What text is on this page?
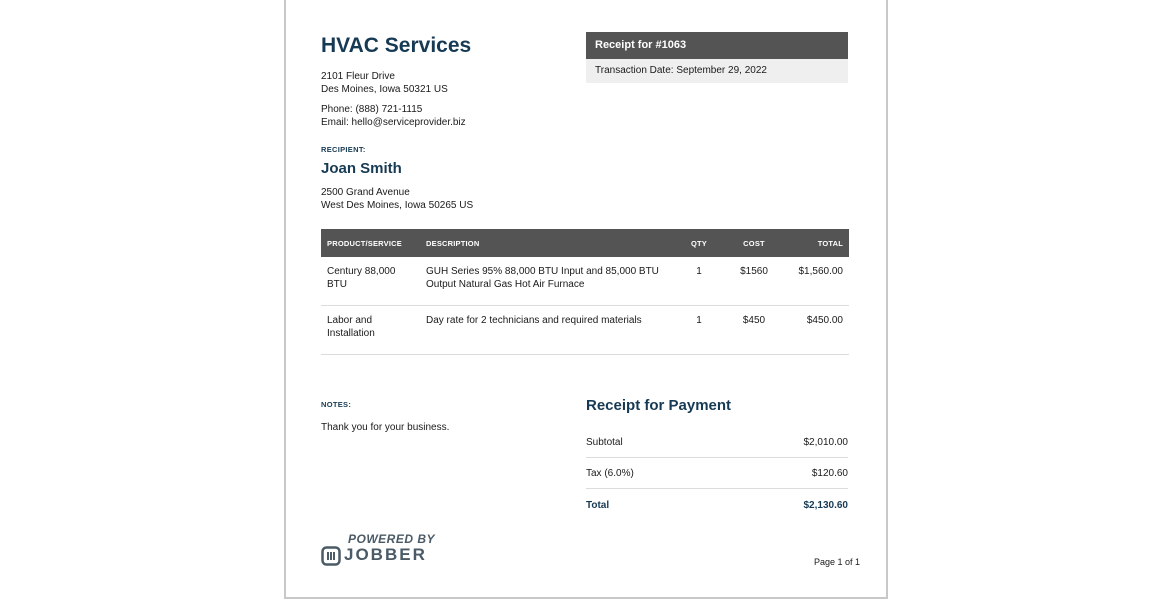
HVAC Services
2101 Fleur Drive
Des Moines, Iowa 50321 US
Phone: (888) 721-1115
Email: hello@serviceprovider.biz
Receipt for #1063
Transaction Date: September 29, 2022
RECIPIENT:
Joan Smith
2500 Grand Avenue
West Des Moines, Iowa 50265 US
PRODUCT/SERVICE	DESCRIPTION	QTY	COST	TOTAL
Century 88,000 BTU	GUH Series 95% 88,000 BTU Input and 85,000 BTU Output Natural Gas Hot Air Furnace	1	$1560	$1,560.00
Labor and Installation	Day rate for 2 technicians and required materials	1	$450	$450.00
NOTES:
Thank you for your business.
Receipt for Payment
Subtotal	$2,010.00
Tax (6.0%)	$120.60
Total	$2,130.60
POWERED BY
JOBBER	Page 1 of 1
